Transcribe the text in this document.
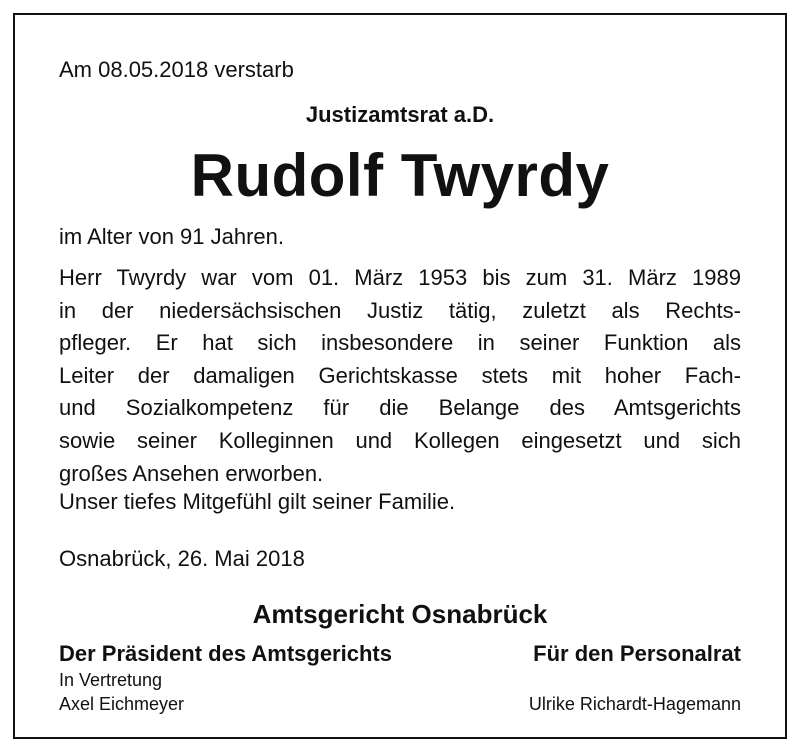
Am 08.05.2018 verstarb
Justizamtsrat a.D.
Rudolf Twyrdy
im Alter von 91 Jahren.
Herr Twyrdy war vom 01. März 1953 bis zum 31. März 1989
in der niedersächsischen Justiz tätig, zuletzt als Rechts-
pfleger. Er hat sich insbesondere in seiner Funktion als
Leiter der damaligen Gerichtskasse stets mit hoher Fach-
und Sozialkompetenz für die Belange des Amtsgerichts
sowie seiner Kolleginnen und Kollegen eingesetzt und sich
großes Ansehen erworben.
Unser tiefes Mitgefühl gilt seiner Familie.
Osnabrück, 26. Mai 2018
Amtsgericht Osnabrück
Der Präsident des Amtsgerichts	Für den Personalrat
In Vertretung
Axel Eichmeyer	Ulrike Richardt-Hagemann
